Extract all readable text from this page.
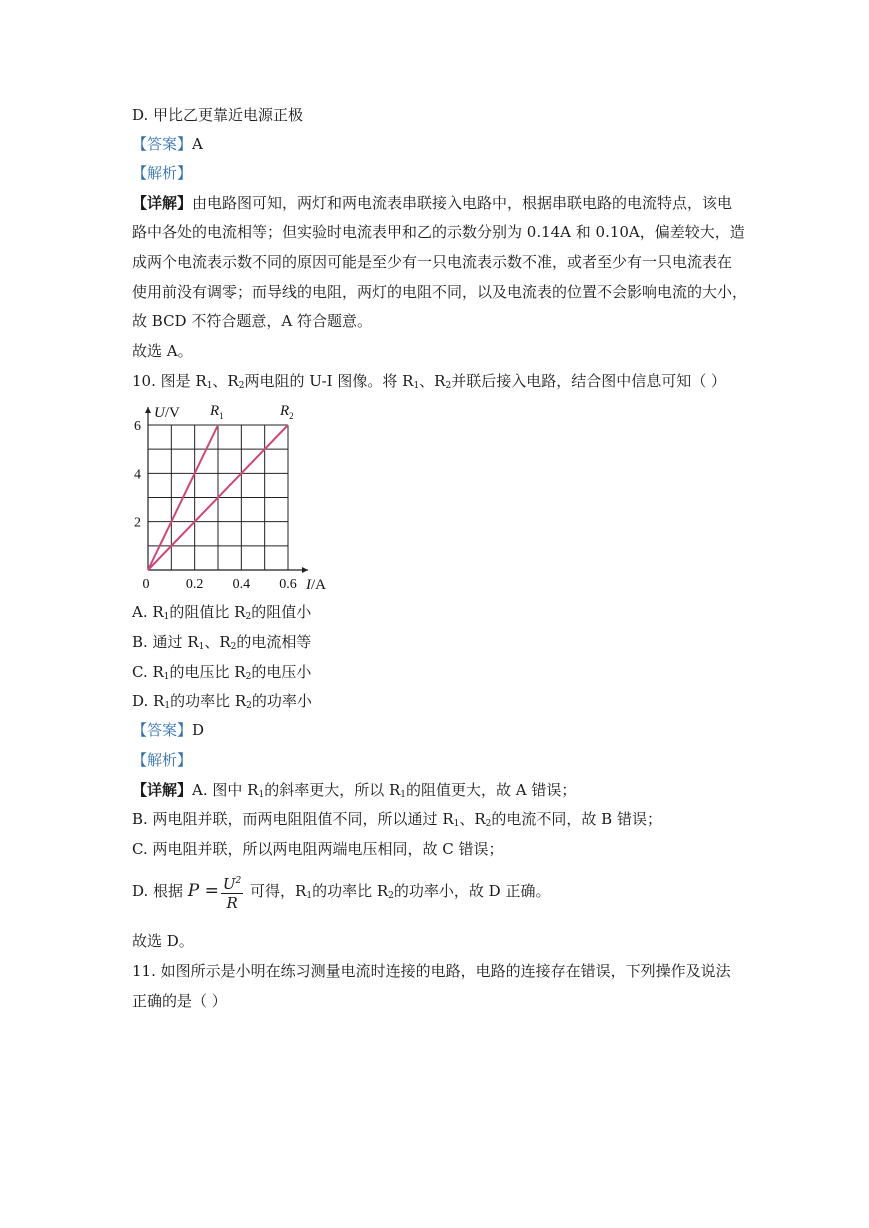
D. 甲比乙更靠近电源正极
【答案】A
【解析】
【详解】由电路图可知，两灯和两电流表串联接入电路中，根据串联电路的电流特点，该电
路中各处的电流相等；但实验时电流表甲和乙的示数分别为 0.14A 和 0.10A，偏差较大，造
成两个电流表示数不同的原因可能是至少有一只电流表示数不准，或者至少有一只电流表在
使用前没有调零；而导线的电阻，两灯的电阻不同，以及电流表的位置不会影响电流的大小，
故 BCD 不符合题意，A 符合题意。
故选 A。
10. 图是 $R_1$、$R_2$两电阻的 U-I 图像。将 $R_1$、$R_2$并联后接入电路，结合图中信息可知（ ）
$R_1$	$R_2$
0	0.2 0.4 0.6
2
4
6
U/V
I/A
A. $R_1$的阻值比 $R_2$的阻值小
B. 通过 $R_1$、$R_2$的电流相等
C. $R_1$的电压比 $R_2$的电压小
D. $R_1$的功率比 $R_2$的功率小
【答案】D
【解析】
【详解】A. 图中 $R_1$的斜率更大，所以 $R_1$的阻值更大，故 A 错误；
B. 两电阻并联，而两电阻阻值不同，所以通过 $R_1$、$R_2$的电流不同，故 B 错误；
C. 两电阻并联，所以两电阻两端电压相同，故 C 错误；
D. 根据 $P = \frac{U^2}{R}$ 可得，$R_1$的功率比 $R_2$的功率小，故 D 正确。
故选 D。
11. 如图所示是小明在练习测量电流时连接的电路，电路的连接存在错误，下列操作及说法
正确的是（ ）
